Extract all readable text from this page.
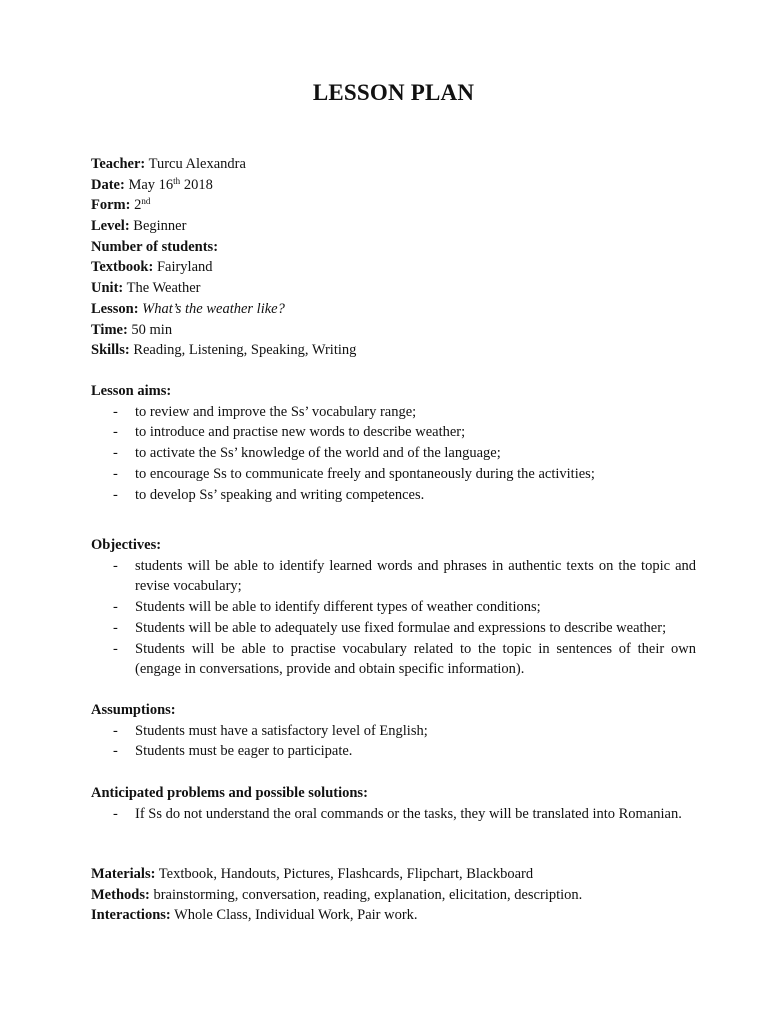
LESSON PLAN
Teacher: Turcu Alexandra
Date: May 16th 2018
Form: 2nd
Level: Beginner
Number of students:
Textbook: Fairyland
Unit: The Weather
Lesson: What’s the weather like?
Time: 50 min
Skills: Reading, Listening, Speaking, Writing
Lesson aims:
- to review and improve the Ss’ vocabulary range;
- to introduce and practise new words to describe weather;
- to activate the Ss’ knowledge of the world and of the language;
- to encourage Ss to communicate freely and spontaneously during the activities;
- to develop Ss’ speaking and writing competences.
Objectives:
- students will be able to identify learned words and phrases in authentic texts on the topic and revise vocabulary;
- Students will be able to identify different types of weather conditions;
- Students will be able to adequately use fixed formulae and expressions to describe weather;
- Students will be able to practise vocabulary related to the topic in sentences of their own (engage in conversations, provide and obtain specific information).
Assumptions:
- Students must have a satisfactory level of English;
- Students must be eager to participate.
Anticipated problems and possible solutions:
- If Ss do not understand the oral commands or the tasks, they will be translated into Romanian.
Materials: Textbook, Handouts, Pictures, Flashcards, Flipchart, Blackboard
Methods: brainstorming, conversation, reading, explanation, elicitation, description.
Interactions: Whole Class, Individual Work, Pair work.
